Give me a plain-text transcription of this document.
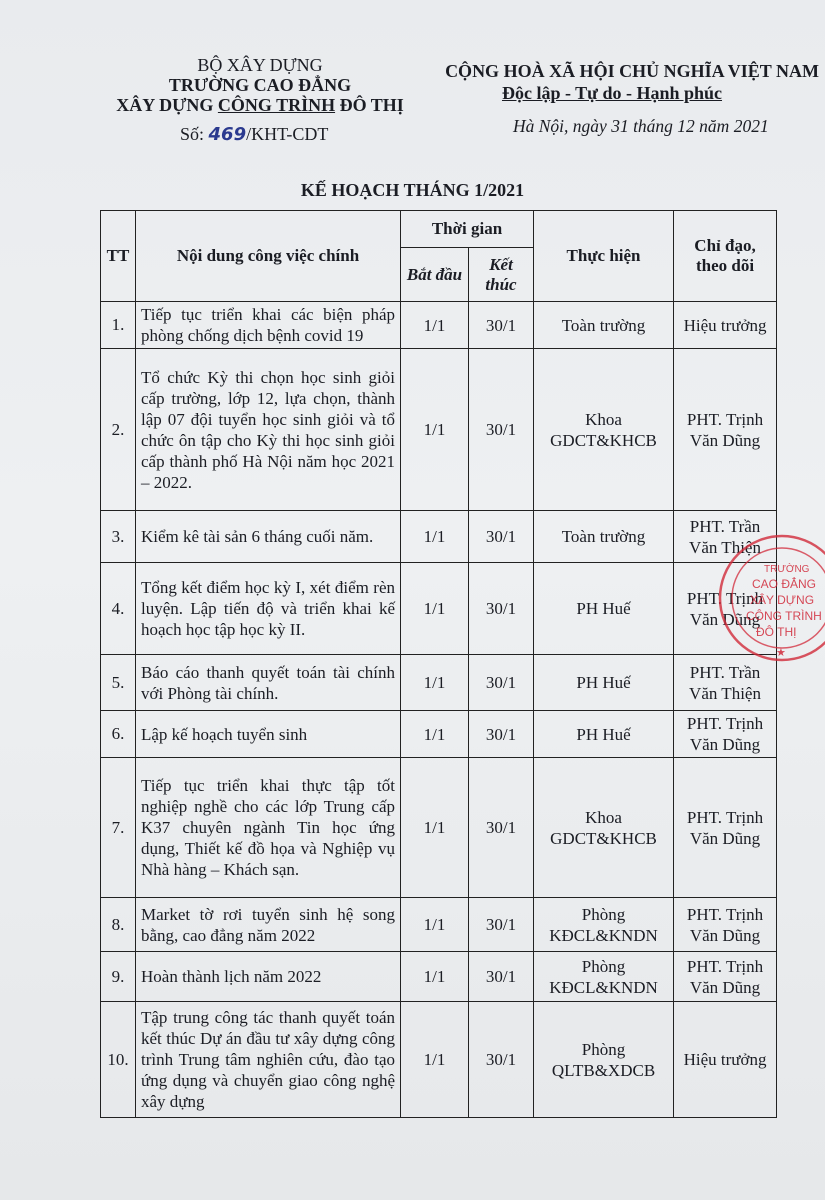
BỘ XÂY DỰNG
TRƯỜNG CAO ĐẲNG
XÂY DỰNG CÔNG TRÌNH ĐÔ THỊ
Số: 469/KHT-CDT
CỘNG HOÀ XÃ HỘI CHỦ NGHĨA VIỆT NAM
Độc lập - Tự do - Hạnh phúc
Hà Nội, ngày 31 tháng 12 năm 2021
KẾ HOẠCH THÁNG 1/2021
TT	Nội dung công việc chính	Thời gian		Thực hiện	Chỉ đạo, theo dõi
		Bắt đầu	Kết thúc		
1.	Tiếp tục triển khai các biện pháp phòng chống dịch bệnh covid 19	1/1	30/1	Toàn trường	Hiệu trưởng
2.	Tổ chức Kỳ thi chọn học sinh giỏi cấp trường, lớp 12, lựa chọn, thành lập 07 đội tuyển học sinh giỏi và tổ chức ôn tập cho Kỳ thi học sinh giỏi cấp thành phố Hà Nội năm học 2021 – 2022.	1/1	30/1	Khoa GDCT&KHCB	PHT. Trịnh Văn Dũng
3.	Kiểm kê tài sản 6 tháng cuối năm.	1/1	30/1	Toàn trường	PHT. Trần Văn Thiện
4.	Tổng kết điểm học kỳ I, xét điểm rèn luyện. Lập tiến độ và triển khai kế hoạch học tập học kỳ II.	1/1	30/1	PH Huế	PHT. Trịnh Văn Dũng
5.	Báo cáo thanh quyết toán tài chính với Phòng tài chính.	1/1	30/1	PH Huế	PHT. Trần Văn Thiện
6.	Lập kế hoạch tuyển sinh	1/1	30/1	PH Huế	PHT. Trịnh Văn Dũng
7.	Tiếp tục triển khai thực tập tốt nghiệp nghề cho các lớp Trung cấp K37 chuyên ngành Tin học ứng dụng, Thiết kế đồ họa và Nghiệp vụ Nhà hàng – Khách sạn.	1/1	30/1	Khoa GDCT&KHCB	PHT. Trịnh Văn Dũng
8.	Market tờ rơi tuyển sinh hệ song bằng, cao đẳng năm 2022	1/1	30/1	Phòng KĐCL&KNDN	PHT. Trịnh Văn Dũng
9.	Hoàn thành lịch năm 2022	1/1	30/1	Phòng KĐCL&KNDN	PHT. Trịnh Văn Dũng
10.	Tập trung công tác thanh quyết toán kết thúc Dự án đầu tư xây dựng công trình Trung tâm nghiên cứu, đào tạo ứng dụng và chuyển giao công nghệ xây dựng	1/1	30/1	Phòng QLTB&XDCB	Hiệu trưởng
TRƯỜNG
CAO ĐẲNG
XÂY DỰNG
CÔNG TRÌNH
ĐÔ THỊ
★
